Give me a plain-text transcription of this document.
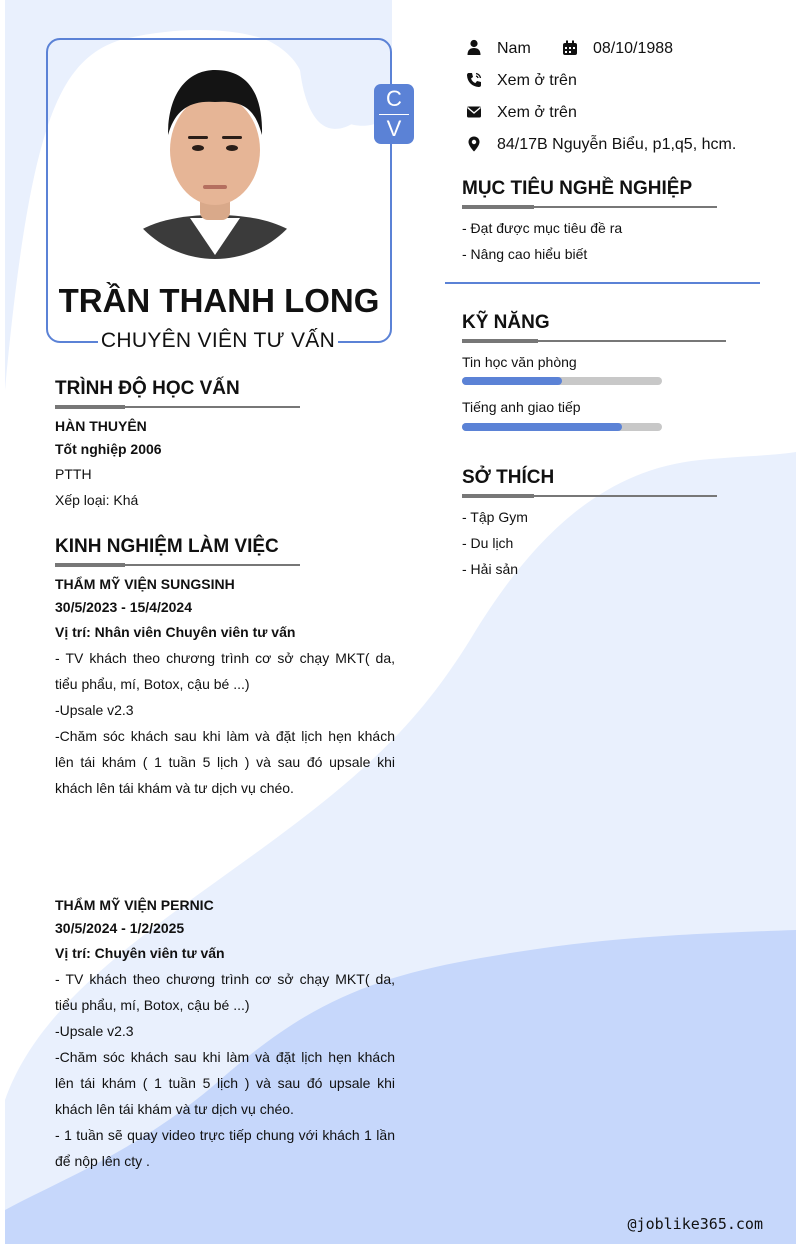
C
V
TRẦN THANH LONG
CHUYÊN VIÊN TƯ VẤN
Nam	08/10/1988
Xem ở trên
Xem ở trên
84/17B Nguyễn Biểu, p1,q5, hcm.
MỤC TIÊU NGHỀ NGHIỆP
- Đạt được mục tiêu đề ra
- Nâng cao hiểu biết
KỸ NĂNG
Tin học văn phòng
Tiếng anh giao tiếp
SỞ THÍCH
- Tập Gym
- Du lịch
- Hải sản
TRÌNH ĐỘ HỌC VẤN
HÀN THUYÊN
Tốt nghiệp 2006
PTTH
Xếp loại: Khá
KINH NGHIỆM LÀM VIỆC
THẨM MỸ VIỆN SUNGSINH
30/5/2023 - 15/4/2024
Vị trí: Nhân viên Chuyên viên tư vấn
- TV khách theo chương trình cơ sở chạy MKT( da, tiểu phẩu, mí, Botox, cậu bé ...)
-Upsale v2.3
-Chăm sóc khách sau khi làm và đặt lịch hẹn khách lên tái khám ( 1 tuần 5 lịch ) và sau đó upsale khi khách lên tái khám và tư dịch vụ chéo.
THẨM MỸ VIỆN PERNIC
30/5/2024 - 1/2/2025
Vị trí: Chuyên viên tư vấn
- TV khách theo chương trình cơ sở chạy MKT( da, tiểu phẩu, mí, Botox, cậu bé ...)
-Upsale v2.3
-Chăm sóc khách sau khi làm và đặt lịch hẹn khách lên tái khám ( 1 tuần 5 lịch ) và sau đó upsale khi khách lên tái khám và tư dịch vụ chéo.
- 1 tuần sẽ quay video trực tiếp chung với khách 1 lần để nộp lên cty .
@joblike365.com
